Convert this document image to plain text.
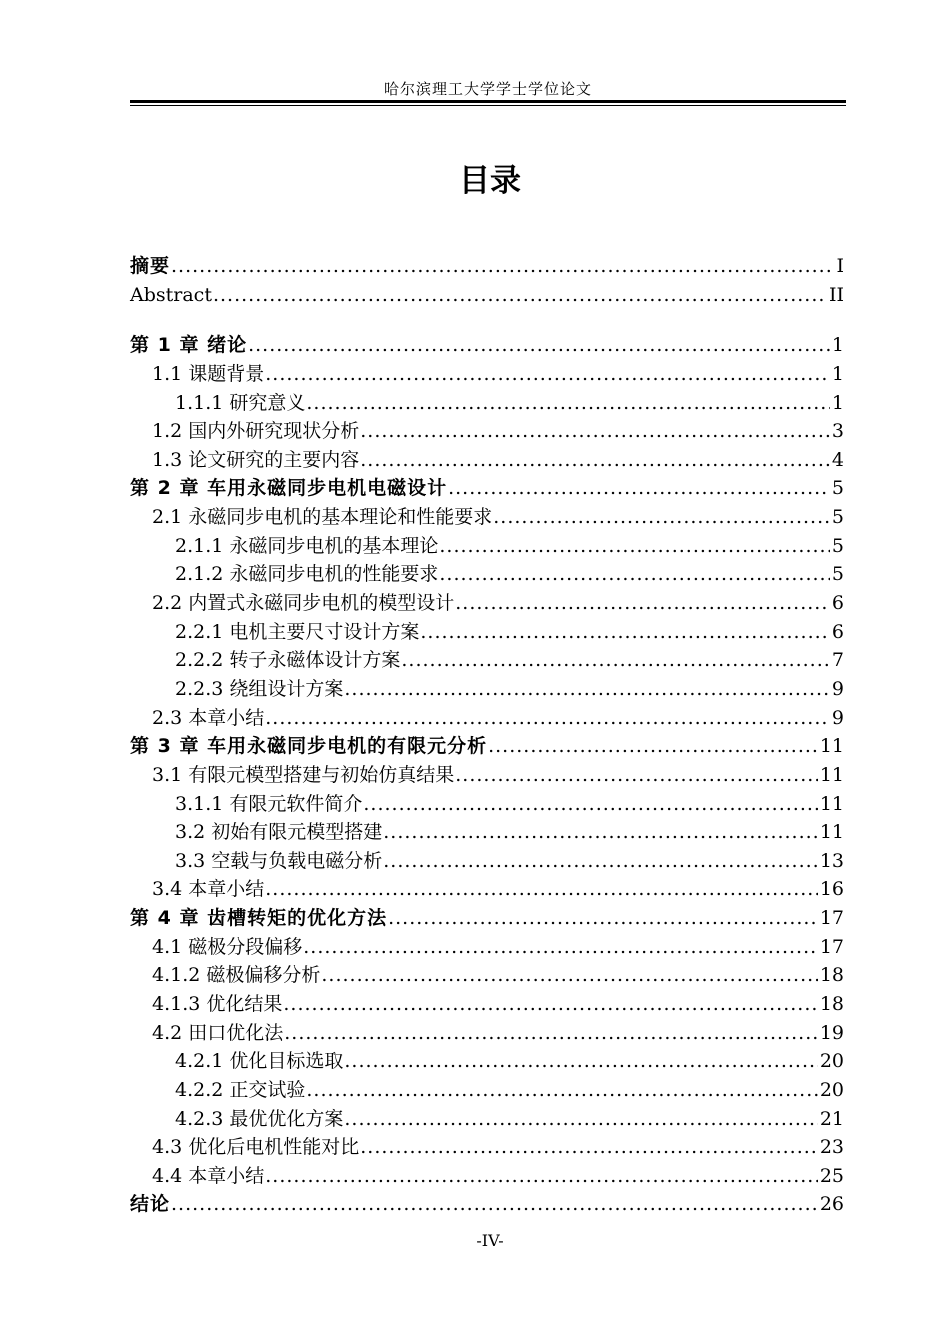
哈尔滨理工大学学士学位论文
目录
摘要 .....	I
Abstract .....	II
第 1 章 绪论 .....	1
1.1 课题背景 .....	1
1.1.1 研究意义 .....	1
1.2 国内外研究现状分析 .....	3
1.3 论文研究的主要内容 .....	4
第 2 章 车用永磁同步电机电磁设计 .....	5
2.1 永磁同步电机的基本理论和性能要求 .....	5
2.1.1 永磁同步电机的基本理论 .....	5
2.1.2 永磁同步电机的性能要求 .....	5
2.2 内置式永磁同步电机的模型设计 .....	6
2.2.1 电机主要尺寸设计方案 .....	6
2.2.2 转子永磁体设计方案 .....	7
2.2.3 绕组设计方案 .....	9
2.3 本章小结 .....	9
第 3 章 车用永磁同步电机的有限元分析 .....	11
3.1 有限元模型搭建与初始仿真结果 .....	11
3.1.1 有限元软件简介 .....	11
3.2 初始有限元模型搭建 .....	11
3.3 空载与负载电磁分析 .....	13
3.4 本章小结 .....	16
第 4 章 齿槽转矩的优化方法 .....	17
4.1 磁极分段偏移 .....	17
4.1.2 磁极偏移分析 .....	18
4.1.3 优化结果 .....	18
4.2 田口优化法 .....	19
4.2.1 优化目标选取 .....	20
4.2.2 正交试验 .....	20
4.2.3 最优优化方案 .....	21
4.3 优化后电机性能对比 .....	23
4.4 本章小结 .....	25
结论 .....	26
-IV-
